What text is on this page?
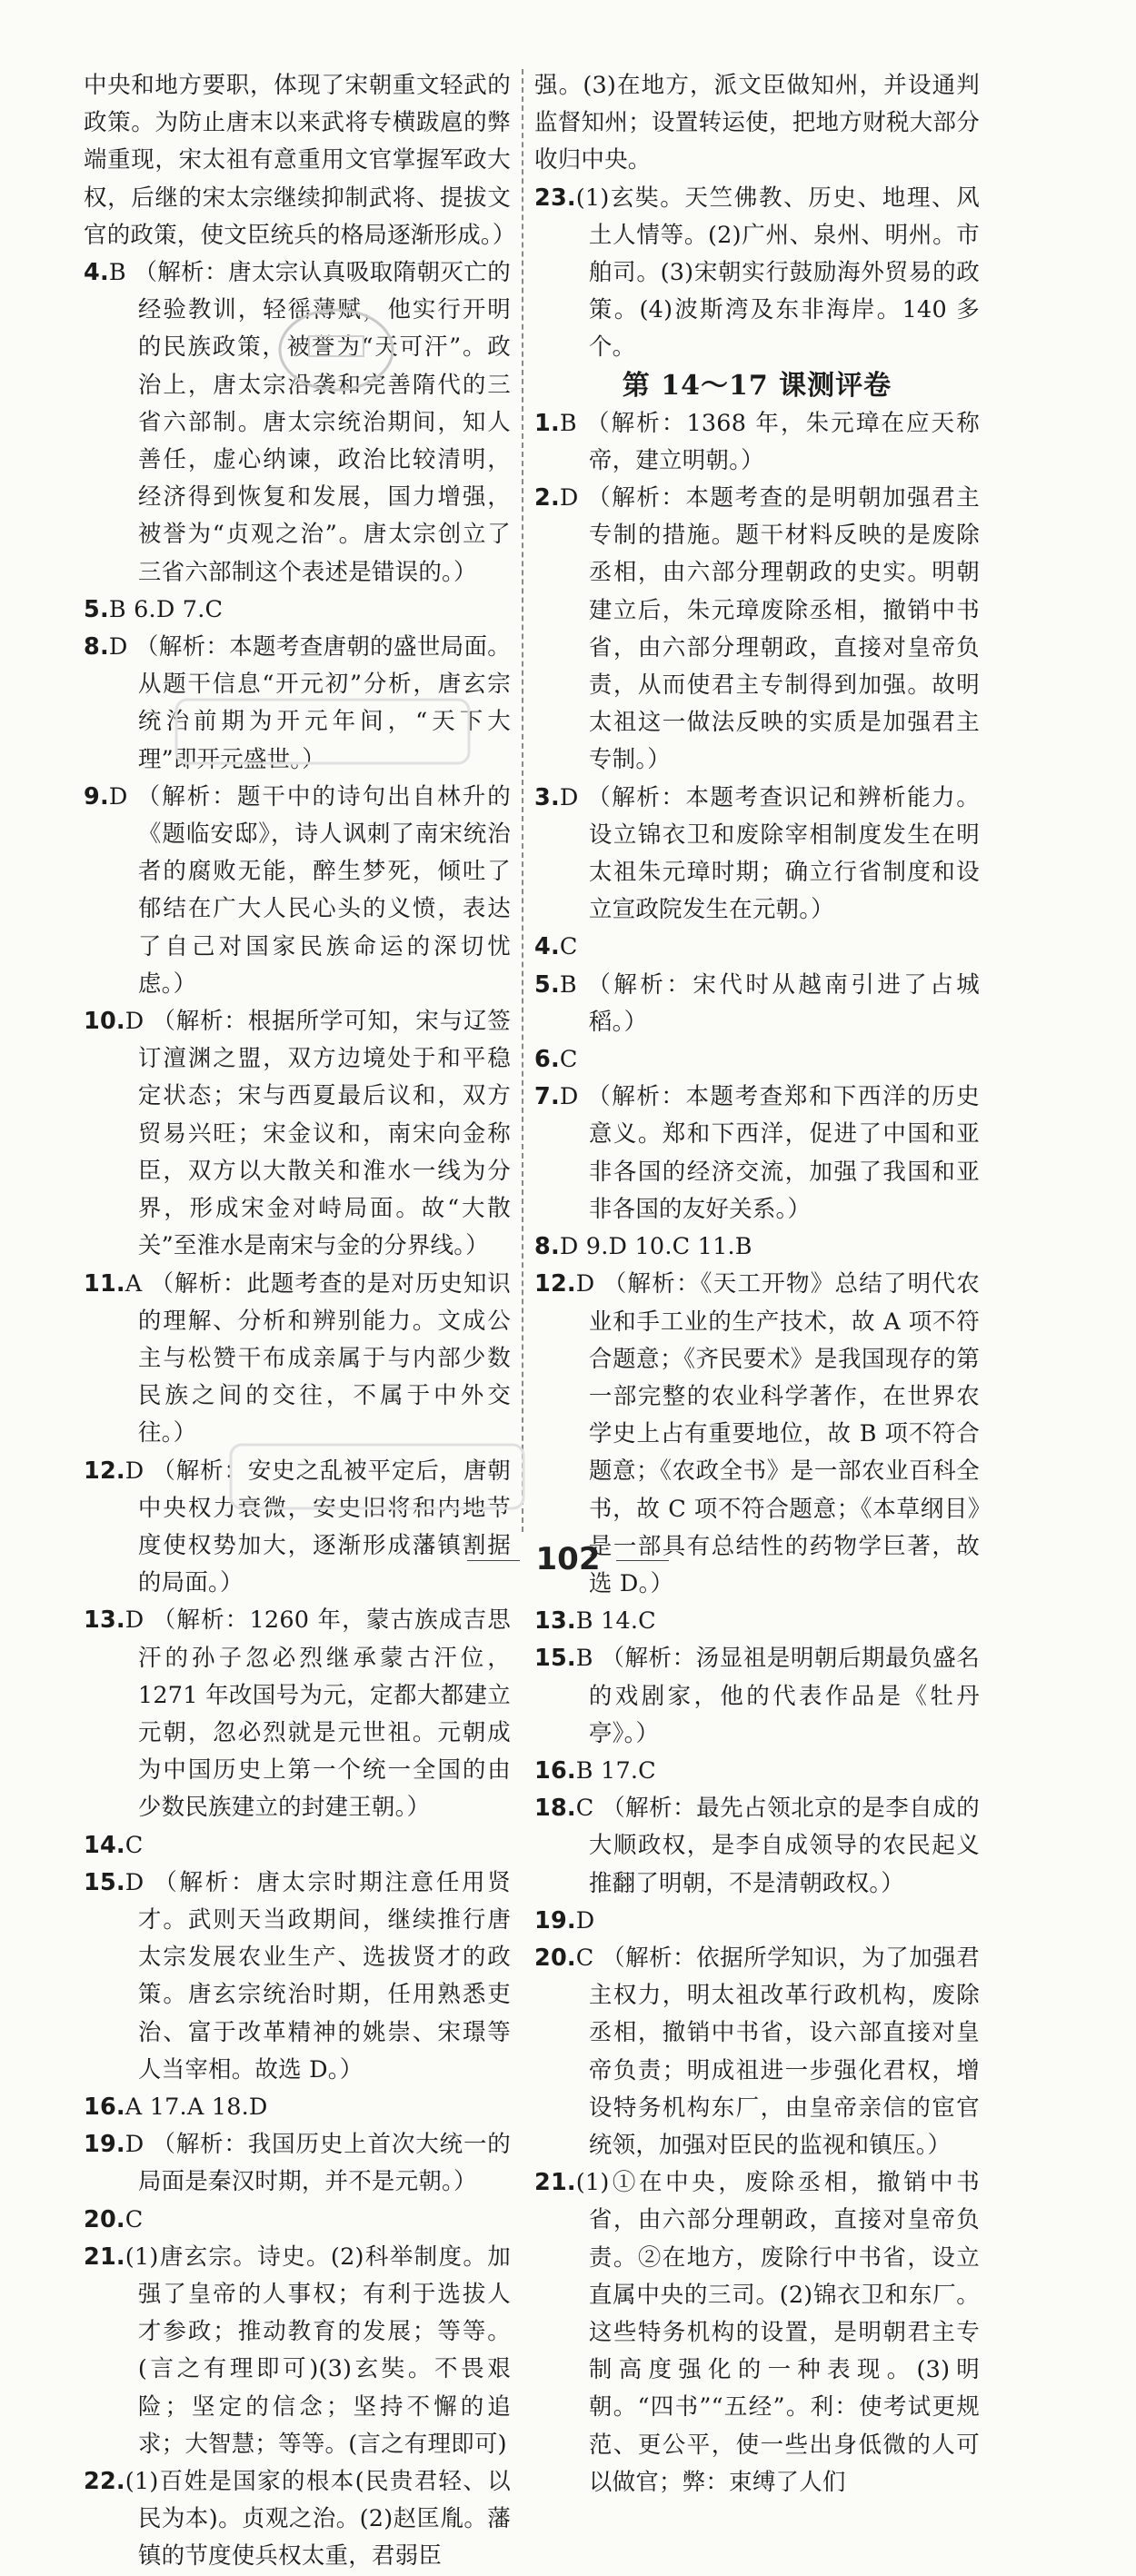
中央和地方要职，体现了宋朝重文轻武的政策。为防止唐末以来武将专横跋扈的弊端重现，宋太祖有意重用文官掌握军政大权，后继的宋太宗继续抑制武将、提拔文官的政策，使文臣统兵的格局逐渐形成。）

4.B （解析：唐太宗认真吸取隋朝灭亡的经验教训，轻徭薄赋，他实行开明的民族政策，被誉为“天可汗”。政治上，唐太宗沿袭和完善隋代的三省六部制。唐太宗统治期间，知人善任，虚心纳谏，政治比较清明，经济得到恢复和发展，国力增强，被誉为“贞观之治”。唐太宗创立了三省六部制这个表述是错误的。）

5.B 6.D 7.C

8.D （解析：本题考查唐朝的盛世局面。从题干信息“开元初”分析，唐玄宗统治前期为开元年间，“天下大理”即开元盛世。）

9.D （解析：题干中的诗句出自林升的《题临安邸》，诗人讽刺了南宋统治者的腐败无能，醉生梦死，倾吐了郁结在广大人民心头的义愤，表达了自己对国家民族命运的深切忧虑。）

10.D （解析：根据所学可知，宋与辽签订澶渊之盟，双方边境处于和平稳定状态；宋与西夏最后议和，双方贸易兴旺；宋金议和，南宋向金称臣，双方以大散关和淮水一线为分界，形成宋金对峙局面。故“大散关”至淮水是南宋与金的分界线。）

11.A （解析：此题考查的是对历史知识的理解、分析和辨别能力。文成公主与松赞干布成亲属于与内部少数民族之间的交往，不属于中外交往。）

12.D （解析：安史之乱被平定后，唐朝中央权力衰微，安史旧将和内地节度使权势加大，逐渐形成藩镇割据的局面。）

13.D （解析：1260 年，蒙古族成吉思汗的孙子忽必烈继承蒙古汗位，1271 年改国号为元，定都大都建立元朝，忽必烈就是元世祖。元朝成为中国历史上第一个统一全国的由少数民族建立的封建王朝。）

14.C

15.D （解析：唐太宗时期注意任用贤才。武则天当政期间，继续推行唐太宗发展农业生产、选拔贤才的政策。唐玄宗统治时期，任用熟悉吏治、富于改革精神的姚崇、宋璟等人当宰相。故选 D。）

16.A 17.A 18.D

19.D （解析：我国历史上首次大统一的局面是秦汉时期，并不是元朝。）

20.C

21.(1)唐玄宗。诗史。(2)科举制度。加强了皇帝的人事权；有利于选拔人才参政；推动教育的发展；等等。(言之有理即可)(3)玄奘。不畏艰险；坚定的信念；坚持不懈的追求；大智慧；等等。(言之有理即可)

22.(1)百姓是国家的根本(民贵君轻、以民为本)。贞观之治。(2)赵匡胤。藩镇的节度使兵权太重，君弱臣

强。(3)在地方，派文臣做知州，并设通判监督知州；设置转运使，把地方财税大部分收归中央。

23.(1)玄奘。天竺佛教、历史、地理、风土人情等。(2)广州、泉州、明州。市舶司。(3)宋朝实行鼓励海外贸易的政策。(4)波斯湾及东非海岸。140 多个。

第 14～17 课测评卷

1.B （解析：1368 年，朱元璋在应天称帝，建立明朝。）

2.D （解析：本题考查的是明朝加强君主专制的措施。题干材料反映的是废除丞相，由六部分理朝政的史实。明朝建立后，朱元璋废除丞相，撤销中书省，由六部分理朝政，直接对皇帝负责，从而使君主专制得到加强。故明太祖这一做法反映的实质是加强君主专制。）

3.D （解析：本题考查识记和辨析能力。设立锦衣卫和废除宰相制度发生在明太祖朱元璋时期；确立行省制度和设立宣政院发生在元朝。）

4.C

5.B （解析：宋代时从越南引进了占城稻。）

6.C

7.D （解析：本题考查郑和下西洋的历史意义。郑和下西洋，促进了中国和亚非各国的经济交流，加强了我国和亚非各国的友好关系。）

8.D 9.D 10.C 11.B

12.D （解析：《天工开物》总结了明代农业和手工业的生产技术，故 A 项不符合题意；《齐民要术》是我国现存的第一部完整的农业科学著作，在世界农学史上占有重要地位，故 B 项不符合题意；《农政全书》是一部农业百科全书，故 C 项不符合题意；《本草纲目》是一部具有总结性的药物学巨著，故选 D。）

13.B 14.C

15.B （解析：汤显祖是明朝后期最负盛名的戏剧家，他的代表作品是《牡丹亭》。）

16.B 17.C

18.C （解析：最先占领北京的是李自成的大顺政权，是李自成领导的农民起义推翻了明朝，不是清朝政权。）

19.D

20.C （解析：依据所学知识，为了加强君主权力，明太祖改革行政机构，废除丞相，撤销中书省，设六部直接对皇帝负责；明成祖进一步强化君权，增设特务机构东厂，由皇帝亲信的宦官统领，加强对臣民的监视和镇压。）

21.(1)①在中央，废除丞相，撤销中书省，由六部分理朝政，直接对皇帝负责。②在地方，废除行中书省，设立直属中央的三司。(2)锦衣卫和东厂。这些特务机构的设置，是明朝君主专制高度强化的一种表现。(3)明朝。“四书”“五经”。利：使考试更规范、更公平，使一些出身低微的人可以做官；弊：束缚了人们

102
